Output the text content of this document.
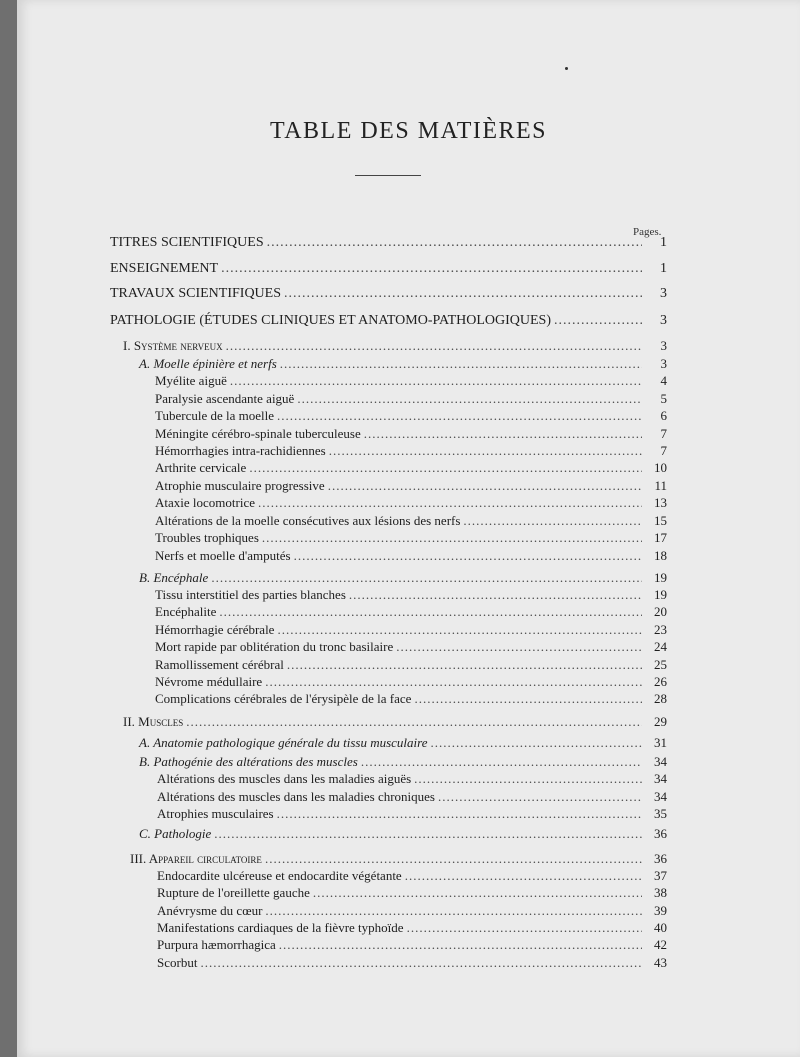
TABLE DES MATIÈRES
Pages.
TITRES SCIENTIFIQUES .....	1
ENSEIGNEMENT .....	1
TRAVAUX SCIENTIFIQUES .....	3
PATHOLOGIE (ÉTUDES CLINIQUES ET ANATOMO-PATHOLOGIQUES) .....	3
I. Système nerveux .....	3
A. Moelle épinière et nerfs .....	3
Myélite aiguë .....	4
Paralysie ascendante aiguë .....	5
Tubercule de la moelle .....	6
Méningite cérébro-spinale tuberculeuse .....	7
Hémorrhagies intra-rachidiennes .....	7
Arthrite cervicale .....	10
Atrophie musculaire progressive .....	11
Ataxie locomotrice .....	13
Altérations de la moelle consécutives aux lésions des nerfs .....	15
Troubles trophiques .....	17
Nerfs et moelle d'amputés .....	18
B. Encéphale .....	19
Tissu interstitiel des parties blanches .....	19
Encéphalite .....	20
Hémorrhagie cérébrale .....	23
Mort rapide par oblitération du tronc basilaire .....	24
Ramollissement cérébral .....	25
Névrome médullaire .....	26
Complications cérébrales de l'érysipèle de la face .....	28
II. Muscles .....	29
A. Anatomie pathologique générale du tissu musculaire .....	31
B. Pathogénie des altérations des muscles .....	34
Altérations des muscles dans les maladies aiguës .....	34
Altérations des muscles dans les maladies chroniques .....	34
Atrophies musculaires .....	35
C. Pathologie .....	36
III. Appareil circulatoire .....	36
Endocardite ulcéreuse et endocardite végétante .....	37
Rupture de l'oreillette gauche .....	38
Anévrysme du cœur .....	39
Manifestations cardiaques de la fièvre typhoïde .....	40
Purpura hæmorrhagica .....	42
Scorbut .....	43
